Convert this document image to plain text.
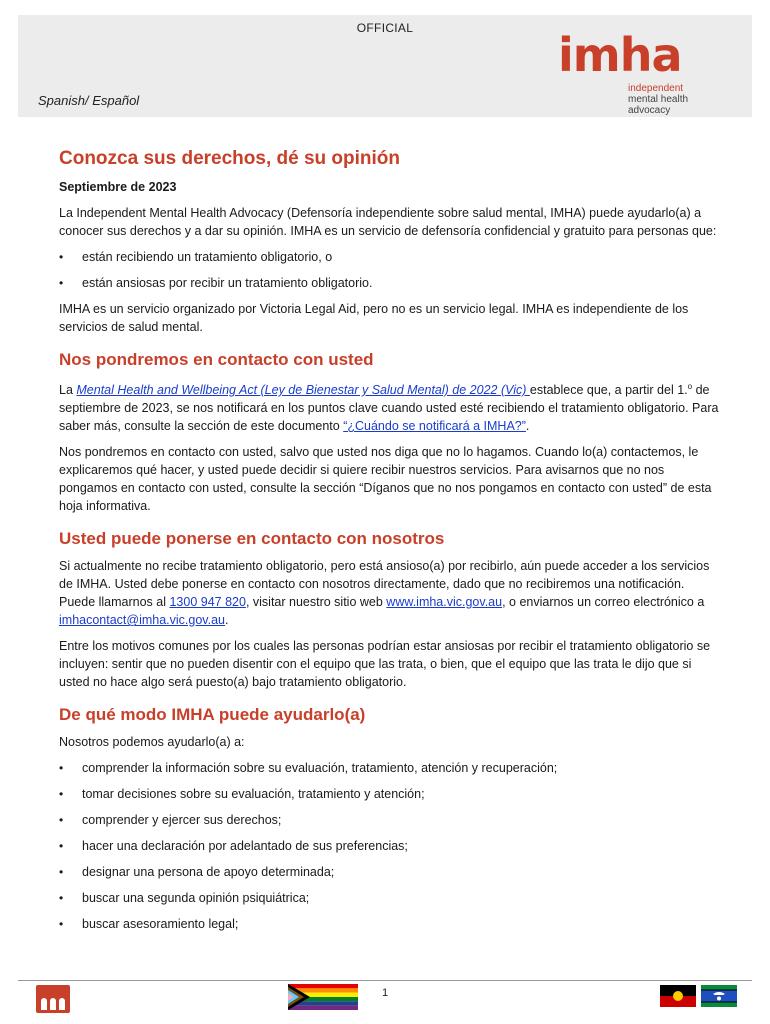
OFFICIAL
Spanish/ Español
imha
independent
mental health
advocacy
Conozca sus derechos, dé su opinión
Septiembre de 2023

La Independent Mental Health Advocacy (Defensoría independiente sobre salud mental, IMHA) puede ayudarlo(a) a conocer sus derechos y a dar su opinión. IMHA es un servicio de defensoría confidencial y gratuito para personas que:

• están recibiendo un tratamiento obligatorio, o
• están ansiosas por recibir un tratamiento obligatorio.

IMHA es un servicio organizado por Victoria Legal Aid, pero no es un servicio legal. IMHA es independiente de los servicios de salud mental.

Nos pondremos en contacto con usted

La Mental Health and Wellbeing Act (Ley de Bienestar y Salud Mental) de 2022 (Vic) establece que, a partir del 1.$^o$ de septiembre de 2023, se nos notificará en los puntos clave cuando usted esté recibiendo el tratamiento obligatorio. Para saber más, consulte la sección de este documento “¿Cuándo se notificará a IMHA?”.

Nos pondremos en contacto con usted, salvo que usted nos diga que no lo hagamos. Cuando lo(a) contactemos, le explicaremos qué hacer, y usted puede decidir si quiere recibir nuestros servicios. Para avisarnos que no nos pongamos en contacto con usted, consulte la sección “Díganos que no nos pongamos en contacto con usted” de esta hoja informativa.

Usted puede ponerse en contacto con nosotros

Si actualmente no recibe tratamiento obligatorio, pero está ansioso(a) por recibirlo, aún puede acceder a los servicios de IMHA. Usted debe ponerse en contacto con nosotros directamente, dado que no recibiremos una notificación. Puede llamarnos al 1300 947 820, visitar nuestro sitio web www.imha.vic.gov.au, o enviarnos un correo electrónico a imhacontact@imha.vic.gov.au.

Entre los motivos comunes por los cuales las personas podrían estar ansiosas por recibir el tratamiento obligatorio se incluyen: sentir que no pueden disentir con el equipo que las trata, o bien, que el equipo que las trata le dijo que si usted no hace algo será puesto(a) bajo tratamiento obligatorio.

De qué modo IMHA puede ayudarlo(a)

Nosotros podemos ayudarlo(a) a:

• comprender la información sobre su evaluación, tratamiento, atención y recuperación;
• tomar decisiones sobre su evaluación, tratamiento y atención;
• comprender y ejercer sus derechos;
• hacer una declaración por adelantado de sus preferencias;
• designar una persona de apoyo determinada;
• buscar una segunda opinión psiquiátrica;
• buscar asesoramiento legal;
1
